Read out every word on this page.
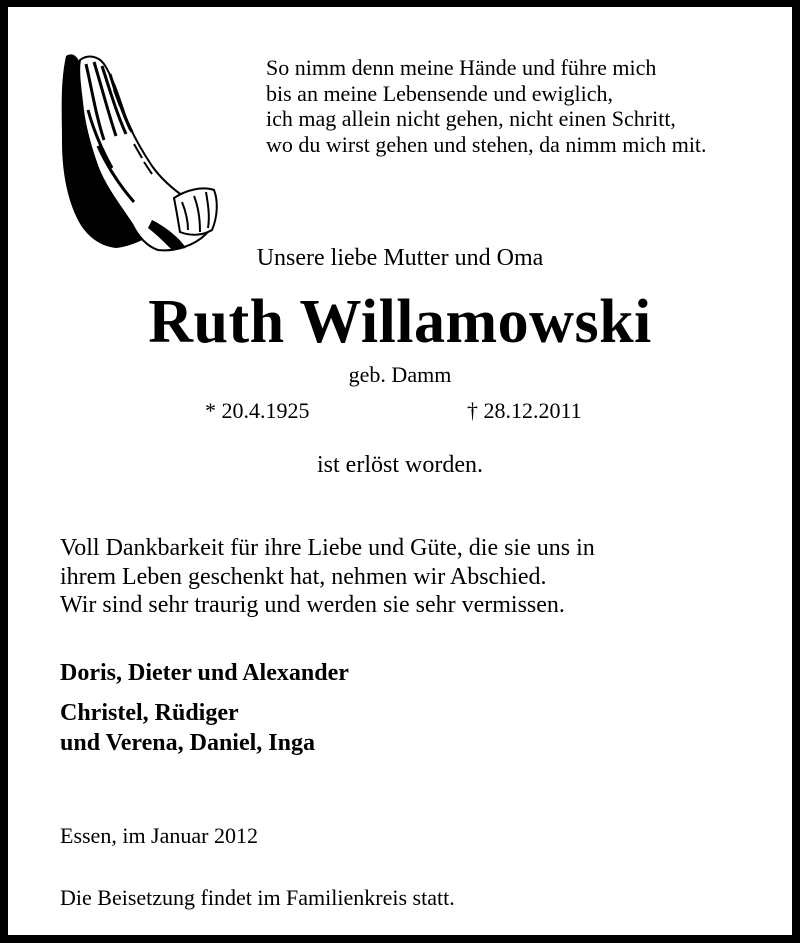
So nimm denn meine Hände und führe mich
bis an meine Lebensende und ewiglich,
ich mag allein nicht gehen, nicht einen Schritt,
wo du wirst gehen und stehen, da nimm mich mit.
Unsere liebe Mutter und Oma
Ruth Willamowski
geb. Damm
* 20.4.1925	† 28.12.2011
ist erlöst worden.
Voll Dankbarkeit für ihre Liebe und Güte, die sie uns in
ihrem Leben geschenkt hat, nehmen wir Abschied.
Wir sind sehr traurig und werden sie sehr vermissen.
Doris, Dieter und Alexander
Christel, Rüdiger
und Verena, Daniel, Inga
Essen, im Januar 2012
Die Beisetzung findet im Familienkreis statt.
